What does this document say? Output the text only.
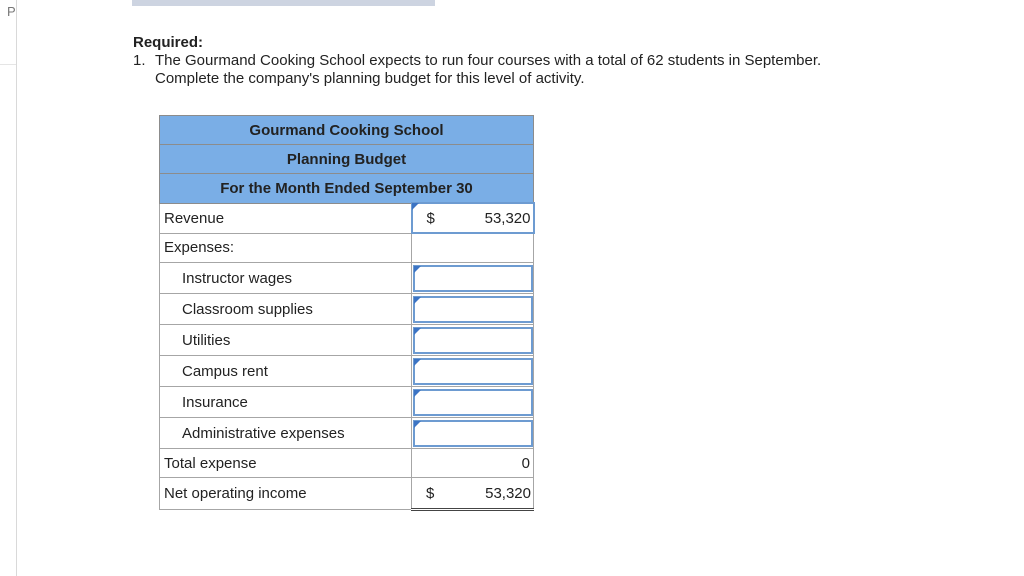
P
Required:
1. The Gourmand Cooking School expects to run four courses with a total of 62 students in September.
Complete the company's planning budget for this level of activity.
Gourmand Cooking School	
Planning Budget	
For the Month Ended September 30	
Revenue	$ 53,320

Expenses:	
Instructor wages	

Classroom supplies	

Utilities	

Campus rent	

Insurance	

Administrative expenses	

Total expense	0
Net operating income	$ 53,320
